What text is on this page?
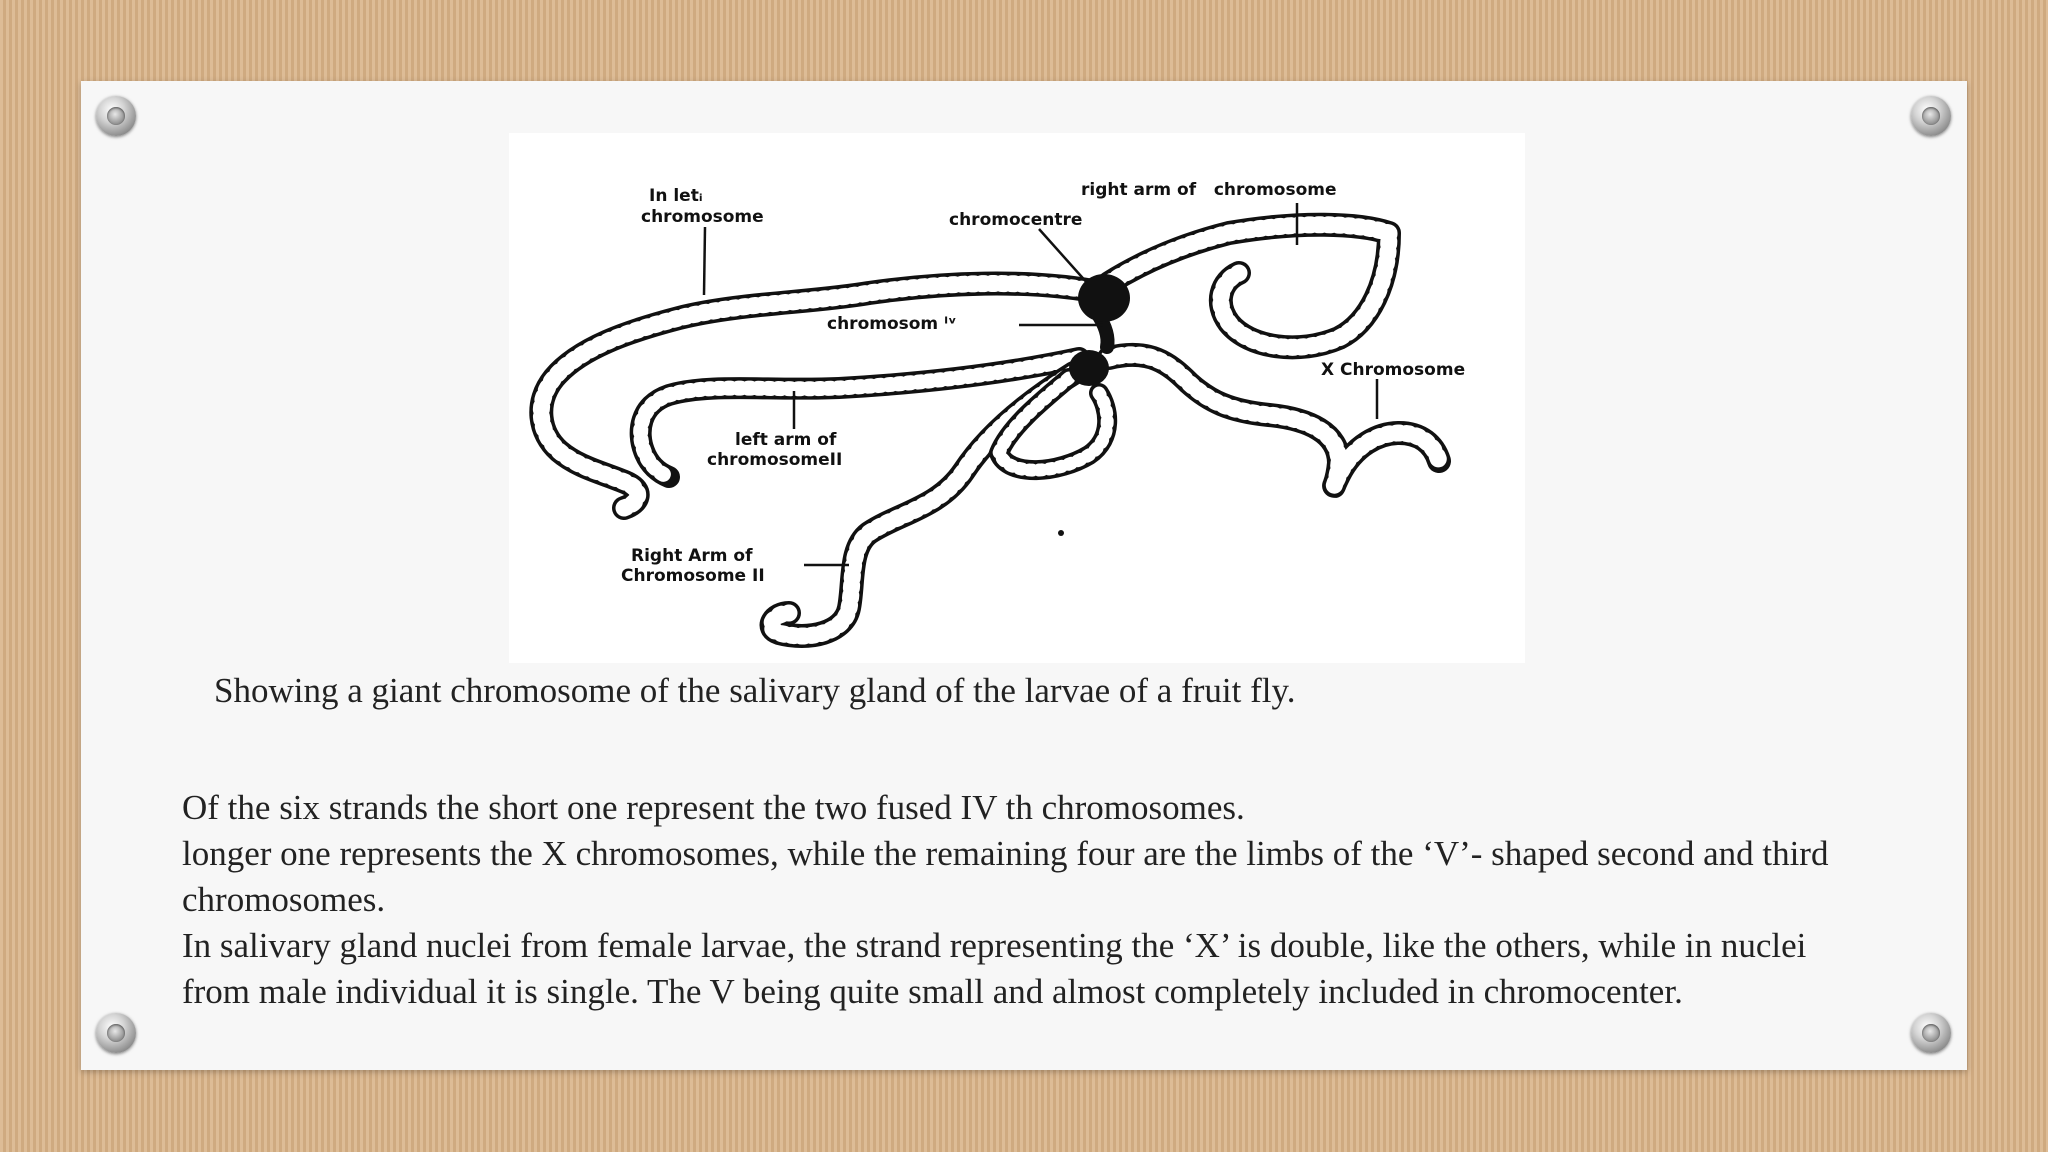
In letᵢ
chromosome
right arm of   chromosome
chromocentre
chromosom ᴵᵛ
X Chromosome
left arm of
chromosomeII
Right Arm of
Chromosome II

Showing a giant chromosome of the salivary gland of the larvae of a fruit fly.

Of the six strands the short one represent the two fused IV th chromosomes.

longer one represents the X chromosomes, while the remaining four are the limbs of the ‘V’- shaped second and third chromosomes.

In salivary gland nuclei from female larvae, the strand representing the ‘X’ is double, like the others, while in nuclei from male individual it is single. The V being quite small and almost completely included in chromocenter.
